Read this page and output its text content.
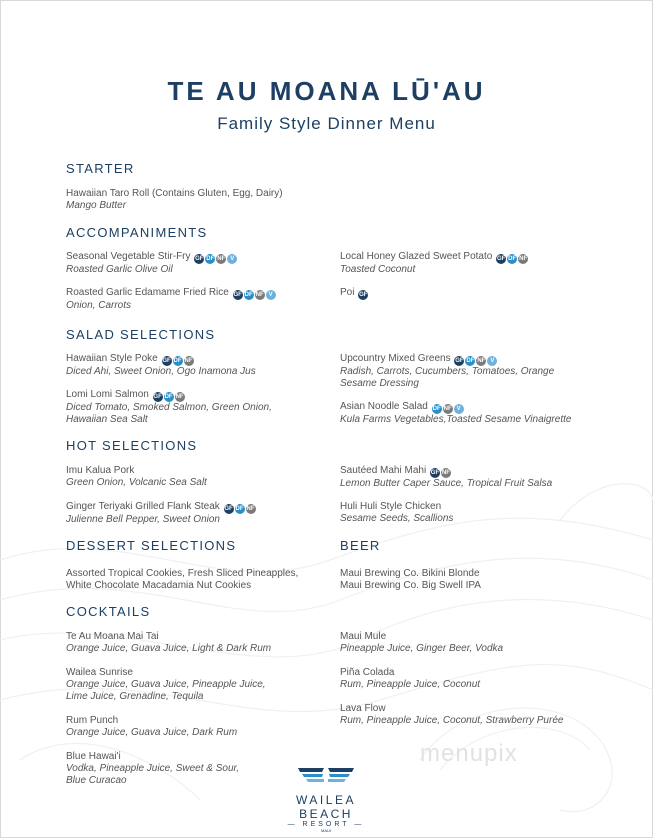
TE AU MOANA LŪ'AU
Family Style Dinner Menu
STARTER
Hawaiian Taro Roll (Contains Gluten, Egg, Dairy)
Mango Butter
ACCOMPANIMENTS
Seasonal Vegetable Stir-Fry GF DF NF V
Roasted Garlic Olive Oil
Local Honey Glazed Sweet Potato GF DF NF
Toasted Coconut
Roasted Garlic Edamame Fried Rice GF DF NF V
Onion, Carrots
Poi GF
SALAD SELECTIONS
Hawaiian Style Poke GF DF NF
Diced Ahi, Sweet Onion, Ogo Inamona Jus
Upcountry Mixed Greens GF DF NF V
Radish, Carrots, Cucumbers, Tomatoes, Orange
Sesame Dressing
Lomi Lomi Salmon GF DF NF
Diced Tomato, Smoked Salmon, Green Onion,
Hawaiian Sea Salt
Asian Noodle Salad DF NF V
Kula Farms Vegetables,Toasted Sesame Vinaigrette
HOT SELECTIONS
Imu Kalua Pork
Green Onion, Volcanic Sea Salt
Sautéed Mahi Mahi GF NF
Lemon Butter Caper Sauce, Tropical Fruit Salsa
Ginger Teriyaki Grilled Flank Steak GF DF NF
Julienne Bell Pepper, Sweet Onion
Huli Huli Style Chicken
Sesame Seeds, Scallions
DESSERT SELECTIONS
Assorted Tropical Cookies, Fresh Sliced Pineapples,
White Chocolate Macadamia Nut Cookies
BEER
Maui Brewing Co. Bikini Blonde
Maui Brewing Co. Big Swell IPA
COCKTAILS
Te Au Moana Mai Tai
Orange Juice, Guava Juice, Light & Dark Rum
Maui Mule
Pineapple Juice, Ginger Beer, Vodka
Wailea Sunrise
Orange Juice, Guava Juice, Pineapple Juice,
Lime Juice, Grenadine, Tequila
Piña Colada
Rum, Pineapple Juice, Coconut
Lava Flow
Rum, Pineapple Juice, Coconut, Strawberry Purée
Rum Punch
Orange Juice, Guava Juice, Dark Rum
Blue Hawai'i
Vodka, Pineapple Juice, Sweet & Sour,
Blue Curacao
WAILEA BEACH
— RESORT —
MAUI
menupix
